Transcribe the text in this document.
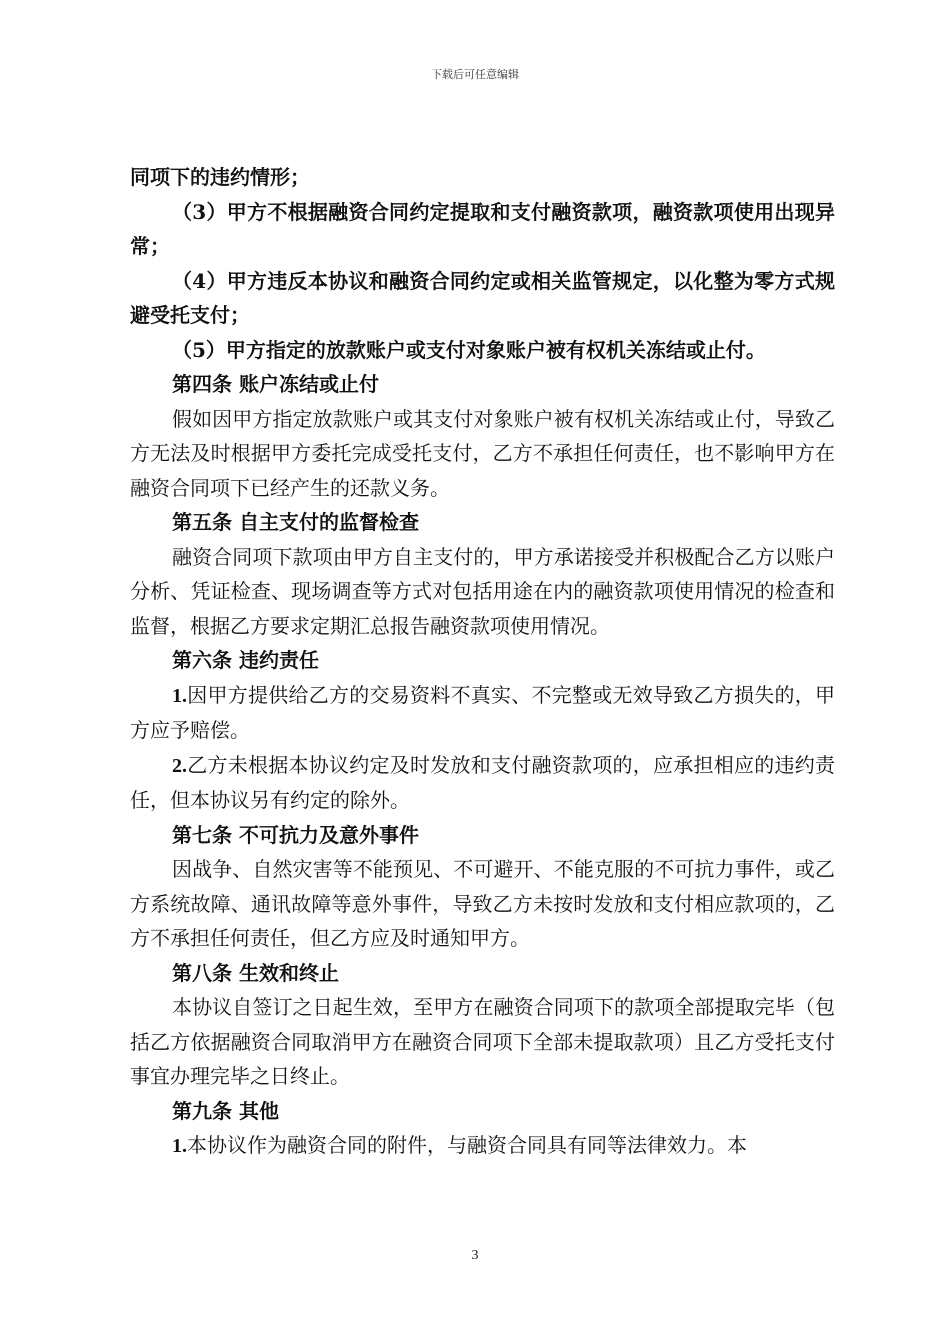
下载后可任意编辑

同项下的违约情形；

（3）甲方不根据融资合同约定提取和支付融资款项，融资款项使用出现异常；

（4）甲方违反本协议和融资合同约定或相关监管规定，以化整为零方式规避受托支付；

（5）甲方指定的放款账户或支付对象账户被有权机关冻结或止付。

第四条 账户冻结或止付

假如因甲方指定放款账户或其支付对象账户被有权机关冻结或止付，导致乙方无法及时根据甲方委托完成受托支付，乙方不承担任何责任，也不影响甲方在融资合同项下已经产生的还款义务。

第五条 自主支付的监督检查

融资合同项下款项由甲方自主支付的，甲方承诺接受并积极配合乙方以账户分析、凭证检查、现场调查等方式对包括用途在内的融资款项使用情况的检查和监督，根据乙方要求定期汇总报告融资款项使用情况。

第六条 违约责任

1.因甲方提供给乙方的交易资料不真实、不完整或无效导致乙方损失的，甲方应予赔偿。

2.乙方未根据本协议约定及时发放和支付融资款项的，应承担相应的违约责任，但本协议另有约定的除外。

第七条 不可抗力及意外事件

因战争、自然灾害等不能预见、不可避开、不能克服的不可抗力事件，或乙方系统故障、通讯故障等意外事件，导致乙方未按时发放和支付相应款项的，乙方不承担任何责任，但乙方应及时通知甲方。

第八条 生效和终止

本协议自签订之日起生效，至甲方在融资合同项下的款项全部提取完毕（包括乙方依据融资合同取消甲方在融资合同项下全部未提取款项）且乙方受托支付事宜办理完毕之日终止。

第九条 其他

1.本协议作为融资合同的附件，与融资合同具有同等法律效力。本

3
